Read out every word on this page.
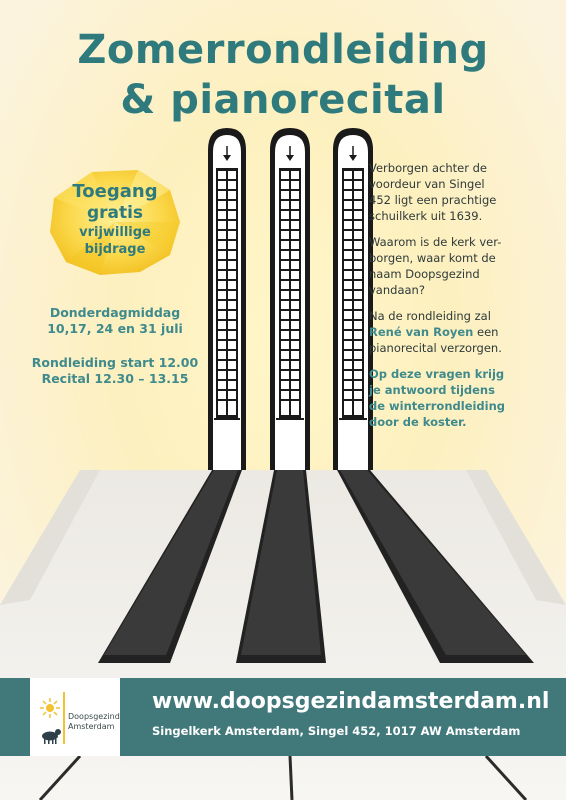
Zomerrondleiding
& pianorecital
Toegang
gratis
vrijwillige
bijdrage
Donderdagmiddag
10,17, 24 en 31 juli
Rondleiding start 12.00
Recital 12.30 – 13.15
Verborgen achter de
voordeur van Singel
452 ligt een prachtige
schuilkerk uit 1639.
Waarom is de kerk ver-
borgen, waar komt de
naam Doopsgezind
vandaan?
Na de rondleiding zal
René van Royen een
pianorecital verzorgen.
Op deze vragen krijg
je antwoord tijdens
de winterrondleiding
door de koster.
Doopsgezind
Amsterdam
www.doopsgezindamsterdam.nl
Singelkerk Amsterdam, Singel 452, 1017 AW Amsterdam
